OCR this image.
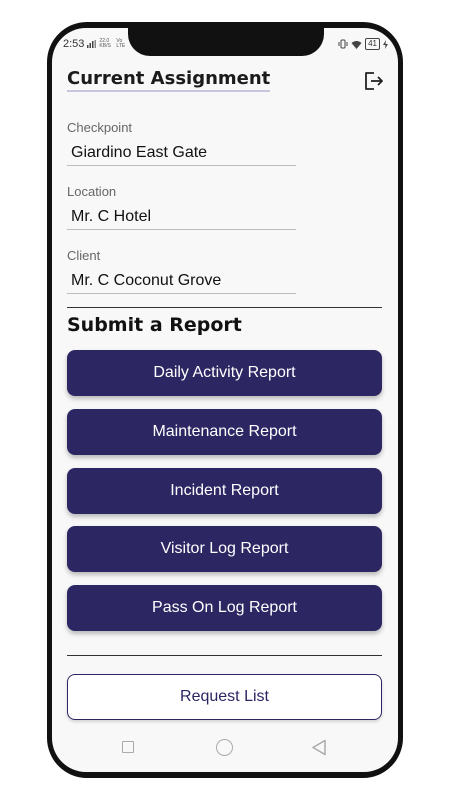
2:53	22.0 KB/S
Vo LTE	41
Current Assignment
Checkpoint
Giardino East Gate
Location
Mr. C Hotel
Client
Mr. C Coconut Grove
Submit a Report
Daily Activity Report
Maintenance Report
Incident Report
Visitor Log Report
Pass On Log Report
Request List
